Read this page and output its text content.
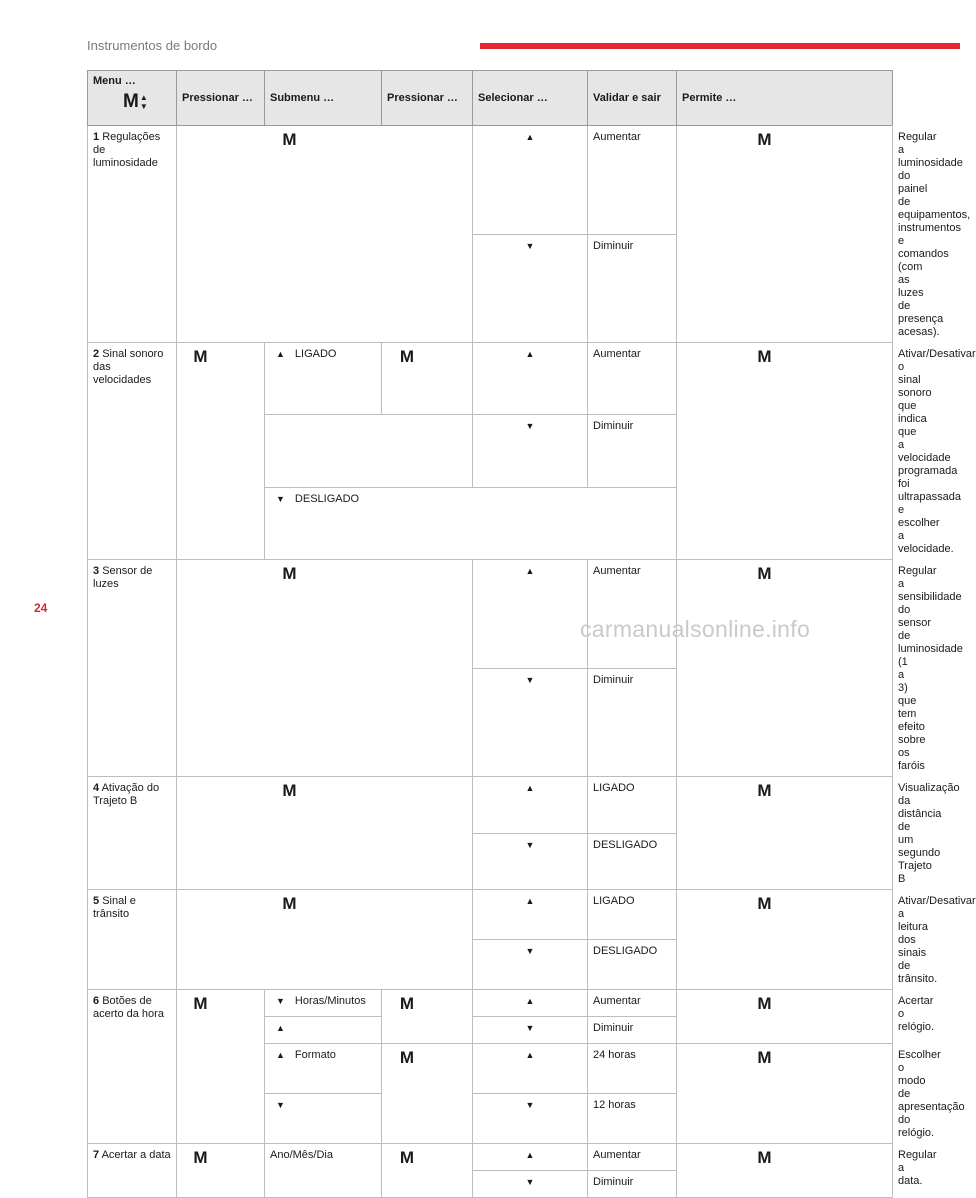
Instrumentos de bordo
Menu …
M▲
▼	Pressionar …	Submenu …	Pressionar …	Selecionar …	Validar e sair	Permite …	
1 Regulações de luminosidade	M			▲	Aumentar	M	Regular a luminosidade do painel de equipamentos, instrumentos e comandos (com as luzes de presença acesas).
				▼	Diminuir		
2 Sinal sonoro das velocidades	M	▲ LIGADO	M	▲	Aumentar	M	Ativar/Desativar o sinal sonoro que indica que a velocidade programada foi ultrapassada e escolher a velocidade.
				▼	Diminuir		
		▼ DESLIGADO					
3 Sensor de luzes	M			▲	Aumentar	M	Regular a sensibilidade do sensor de luminosidade (1 a 3) que tem efeito sobre os faróis
				▼	Diminuir		
4 Ativação do Trajeto B	M			▲	LIGADO	M	Visualização da distância de um segundo Trajeto B
				▼	DESLIGADO		
5 Sinal e trânsito	M			▲	LIGADO	M	Ativar/Desativar a leitura dos sinais de trânsito.
				▼	DESLIGADO		
6 Botões de acerto da hora	M	▼ Horas/Minutos	M	▲	Aumentar	M	Acertar o relógio.
		▲		▼	Diminuir		
		▲ Formato	M	▲	24 horas	M	Escolher o modo de apresentação do relógio.
		▼		▼	12 horas		
7 Acertar a data	M	Ano/Mês/Dia	M	▲	Aumentar	M	Regular a data.
				▼	Diminuir		
24
carmanualsonline.info
